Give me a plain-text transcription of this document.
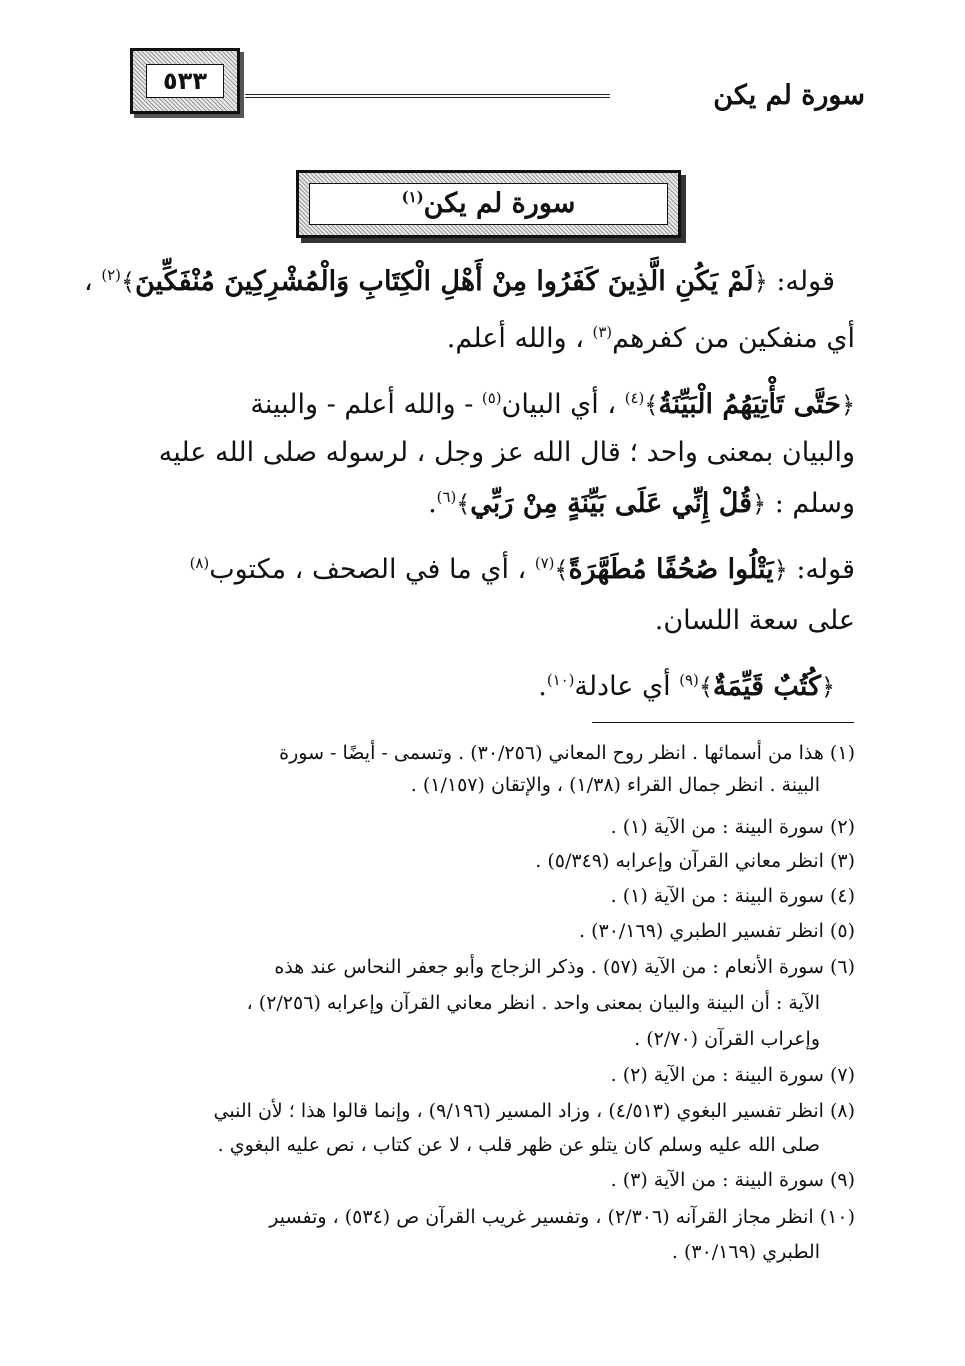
سورة لم يكن
٥٣٣
سورة لم يكن$^{(١)}$
قوله: ﴿لَمْ يَكُنِ الَّذِينَ كَفَرُوا مِنْ أَهْلِ الْكِتَابِ وَالْمُشْرِكِينَ مُنْفَكِّينَ﴾$^{(٢)}$ ،
أي منفكين من كفرهم$^{(٣)}$ ، والله أعلم.
﴿حَتَّى تَأْتِيَهُمُ الْبَيِّنَةُ﴾$^{(٤)}$ ، أي البيان$^{(٥)}$ - والله أعلم - والبينة
والبيان بمعنى واحد ؛ قال الله عز وجل ، لرسوله صلى الله عليه
وسلم : ﴿قُلْ إِنِّي عَلَى بَيِّنَةٍ مِنْ رَبِّي﴾$^{(٦)}$.
قوله: ﴿يَتْلُوا صُحُفًا مُطَهَّرَةً﴾$^{(٧)}$ ، أي ما في الصحف ، مكتوب$^{(٨)}$
على سعة اللسان.
﴿كُتُبٌ قَيِّمَةٌ﴾$^{(٩)}$ أي عادلة$^{(١٠)}$.
(١) هذا من أسمائها . انظر روح المعاني (٣٠/٢٥٦) . وتسمى - أيضًا - سورة
البينة . انظر جمال القراء (١/٣٨) ، والإتقان (١/١٥٧) .
(٢) سورة البينة : من الآية (١) .
(٣) انظر معاني القرآن وإعرابه (٥/٣٤٩) .
(٤) سورة البينة : من الآية (١) .
(٥) انظر تفسير الطبري (٣٠/١٦٩) .
(٦) سورة الأنعام : من الآية (٥٧) . وذكر الزجاج وأبو جعفر النحاس عند هذه
الآية : أن البينة والبيان بمعنى واحد . انظر معاني القرآن وإعرابه (٢/٢٥٦) ،
وإعراب القرآن (٢/٧٠) .
(٧) سورة البينة : من الآية (٢) .
(٨) انظر تفسير البغوي (٤/٥١٣) ، وزاد المسير (٩/١٩٦) ، وإنما قالوا هذا ؛ لأن النبي
صلى الله عليه وسلم كان يتلو عن ظهر قلب ، لا عن كتاب ، نص عليه البغوي .
(٩) سورة البينة : من الآية (٣) .
(١٠) انظر مجاز القرآنه (٢/٣٠٦) ، وتفسير غريب القرآن ص (٥٣٤) ، وتفسير
الطبري (٣٠/١٦٩) .
